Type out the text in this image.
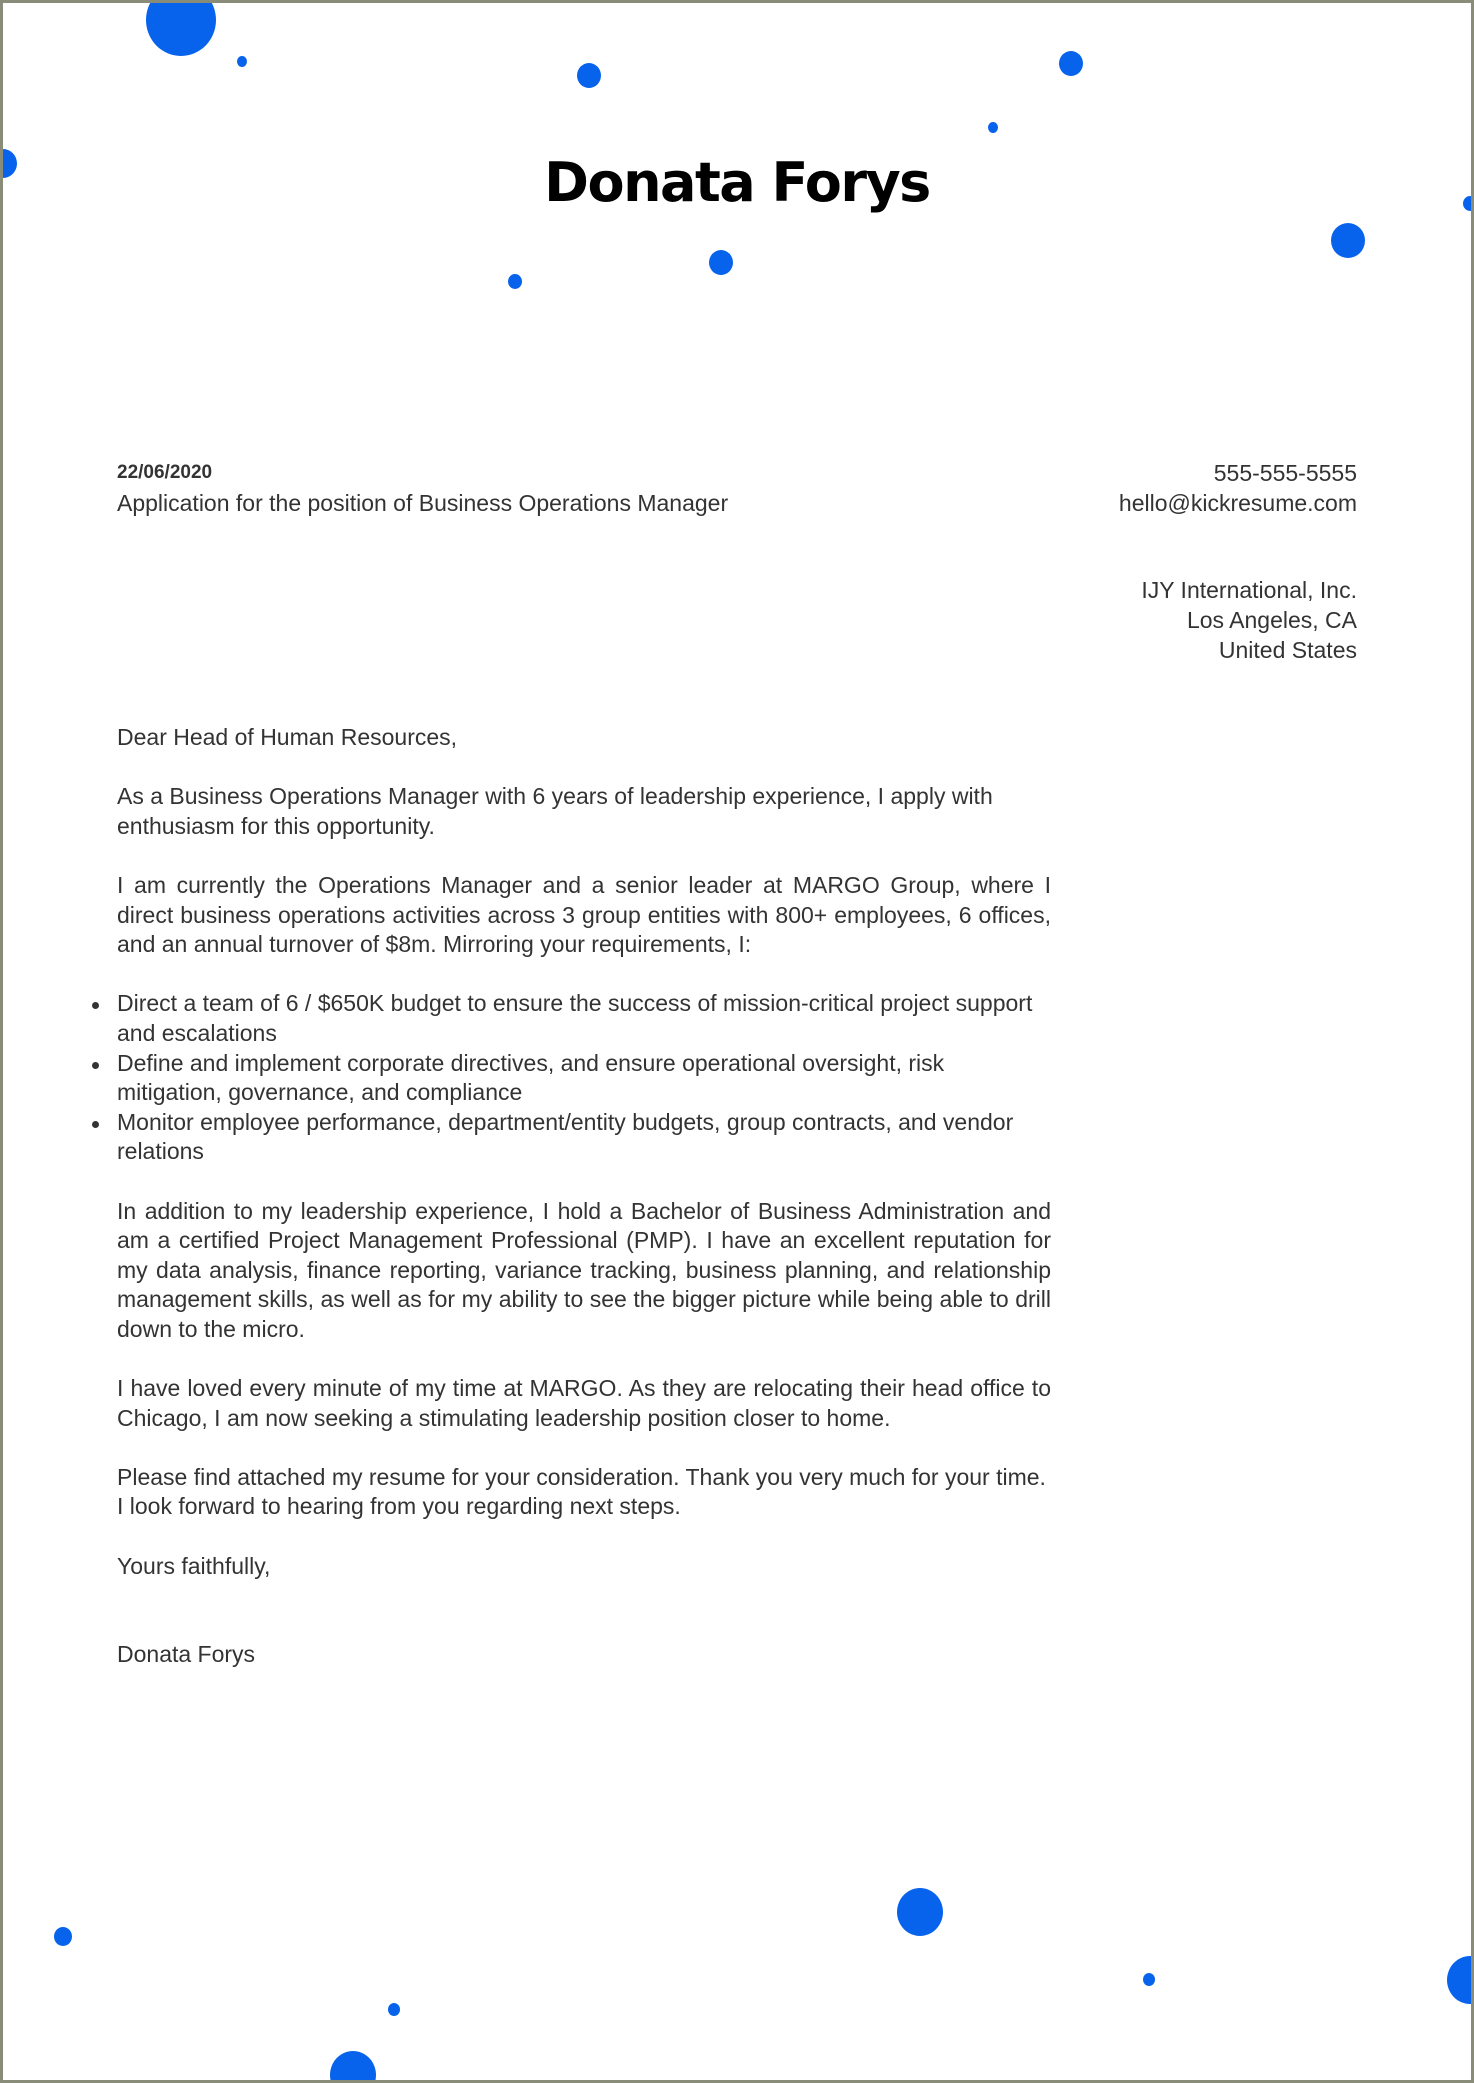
Donata Forys
22/06/2020
Application for the position of Business Operations Manager
555-555-5555
hello@kickresume.com
IJY International, Inc.
Los Angeles, CA
United States

Dear Head of Human Resources,

As a Business Operations Manager with 6 years of leadership experience, I apply with enthusiasm for this opportunity.

I am currently the Operations Manager and a senior leader at MARGO Group, where I direct business operations activities across 3 group entities with 800+ employees, 6 offices, and an annual turnover of $8m. Mirroring your requirements, I:

Direct a team of 6 / $650K budget to ensure the success of mission-critical project support and escalations
Define and implement corporate directives, and ensure operational oversight, risk mitigation, governance, and compliance
Monitor employee performance, department/entity budgets, group contracts, and vendor relations

In addition to my leadership experience, I hold a Bachelor of Business Administration and am a certified Project Management Professional (PMP). I have an excellent reputation for my data analysis, finance reporting, variance tracking, business planning, and relationship management skills, as well as for my ability to see the bigger picture while being able to drill down to the micro.

I have loved every minute of my time at MARGO. As they are relocating their head office to Chicago, I am now seeking a stimulating leadership position closer to home.

Please find attached my resume for your consideration. Thank you very much for your time. I look forward to hearing from you regarding next steps.

Yours faithfully,

Donata Forys
